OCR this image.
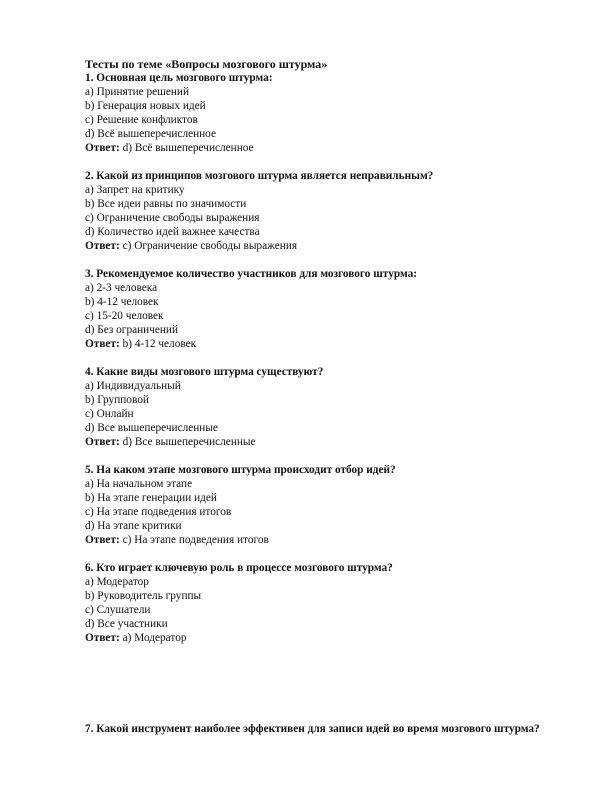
Тесты по теме «Вопросы мозгового штурма»
1. Основная цель мозгового штурма:
a) Принятие решений
b) Генерация новых идей
c) Решение конфликтов
d) Всё вышеперечисленное
Ответ: d) Всё вышеперечисленное
2. Какой из принципов мозгового штурма является неправильным?
a) Запрет на критику
b) Все идеи равны по значимости
c) Ограничение свободы выражения
d) Количество идей важнее качества
Ответ: c) Ограничение свободы выражения
3. Рекомендуемое количество участников для мозгового штурма:
a) 2-3 человека
b) 4-12 человек
c) 15-20 человек
d) Без ограничений
Ответ: b) 4-12 человек
4. Какие виды мозгового штурма существуют?
a) Индивидуальный
b) Групповой
c) Онлайн
d) Все вышеперечисленные
Ответ: d) Все вышеперечисленные
5. На каком этапе мозгового штурма происходит отбор идей?
a) На начальном этапе
b) На этапе генерации идей
c) На этапе подведения итогов
d) На этапе критики
Ответ: c) На этапе подведения итогов
6. Кто играет ключевую роль в процессе мозгового штурма?
a) Модератор
b) Руководитель группы
c) Слушатели
d) Все участники
Ответ: a) Модератор
7. Какой инструмент наиболее эффективен для записи идей во время мозгового штурма?
